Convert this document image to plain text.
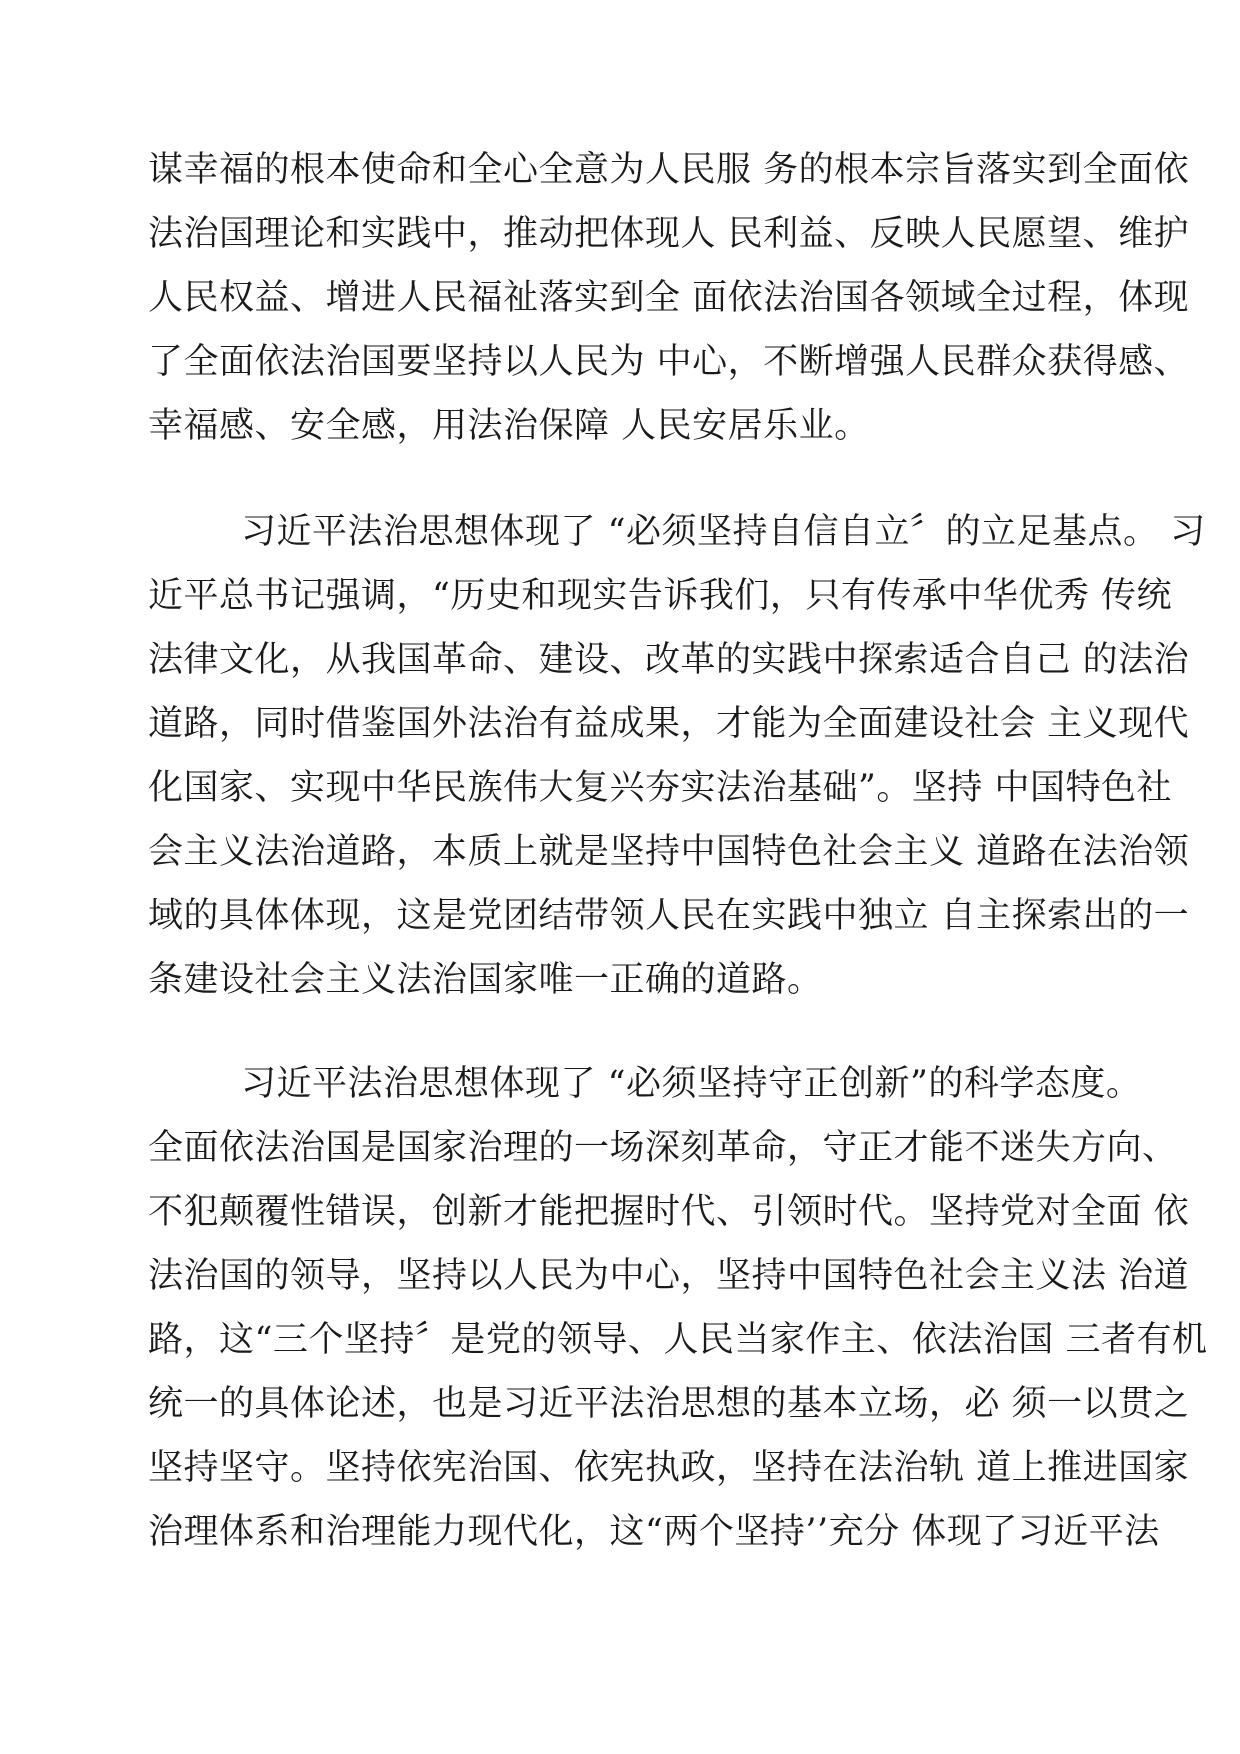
谋幸福的根本使命和全心全意为人民服 务的根本宗旨落实到全面依
法治国理论和实践中，推动把体现人 民利益、反映人民愿望、维护
人民权益、增进人民福祉落实到全 面依法治国各领域全过程，体现
了全面依法治国要坚持以人民为 中心，不断增强人民群众获得感、
幸福感、安全感，用法治保障 人民安居乐业。
习近平法治思想体现了 “必须坚持自信自立〞的立足基点。 习
近平总书记强调，“历史和现实告诉我们，只有传承中华优秀 传统
法律文化，从我国革命、建设、改革的实践中探索适合自己 的法治
道路，同时借鉴国外法治有益成果，才能为全面建设社会 主义现代
化国家、实现中华民族伟大复兴夯实法治基础”。坚持 中国特色社
会主义法治道路，本质上就是坚持中国特色社会主义 道路在法治领
域的具体体现，这是党团结带领人民在实践中独立 自主探索出的一
条建设社会主义法治国家唯一正确的道路。
习近平法治思想体现了 “必须坚持守正创新”的科学态度。
全面依法治国是国家治理的一场深刻革命，守正才能不迷失方向、
不犯颠覆性错误，创新才能把握时代、引领时代。坚持党对全面 依
法治国的领导，坚持以人民为中心，坚持中国特色社会主义法 治道
路，这“三个坚持〞是党的领导、人民当家作主、依法治国 三者有机
统一的具体论述，也是习近平法治思想的基本立场，必 须一以贯之
坚持坚守。坚持依宪治国、依宪执政，坚持在法治轨 道上推进国家
治理体系和治理能力现代化，这“两个坚持’’充分 体现了习近平法
